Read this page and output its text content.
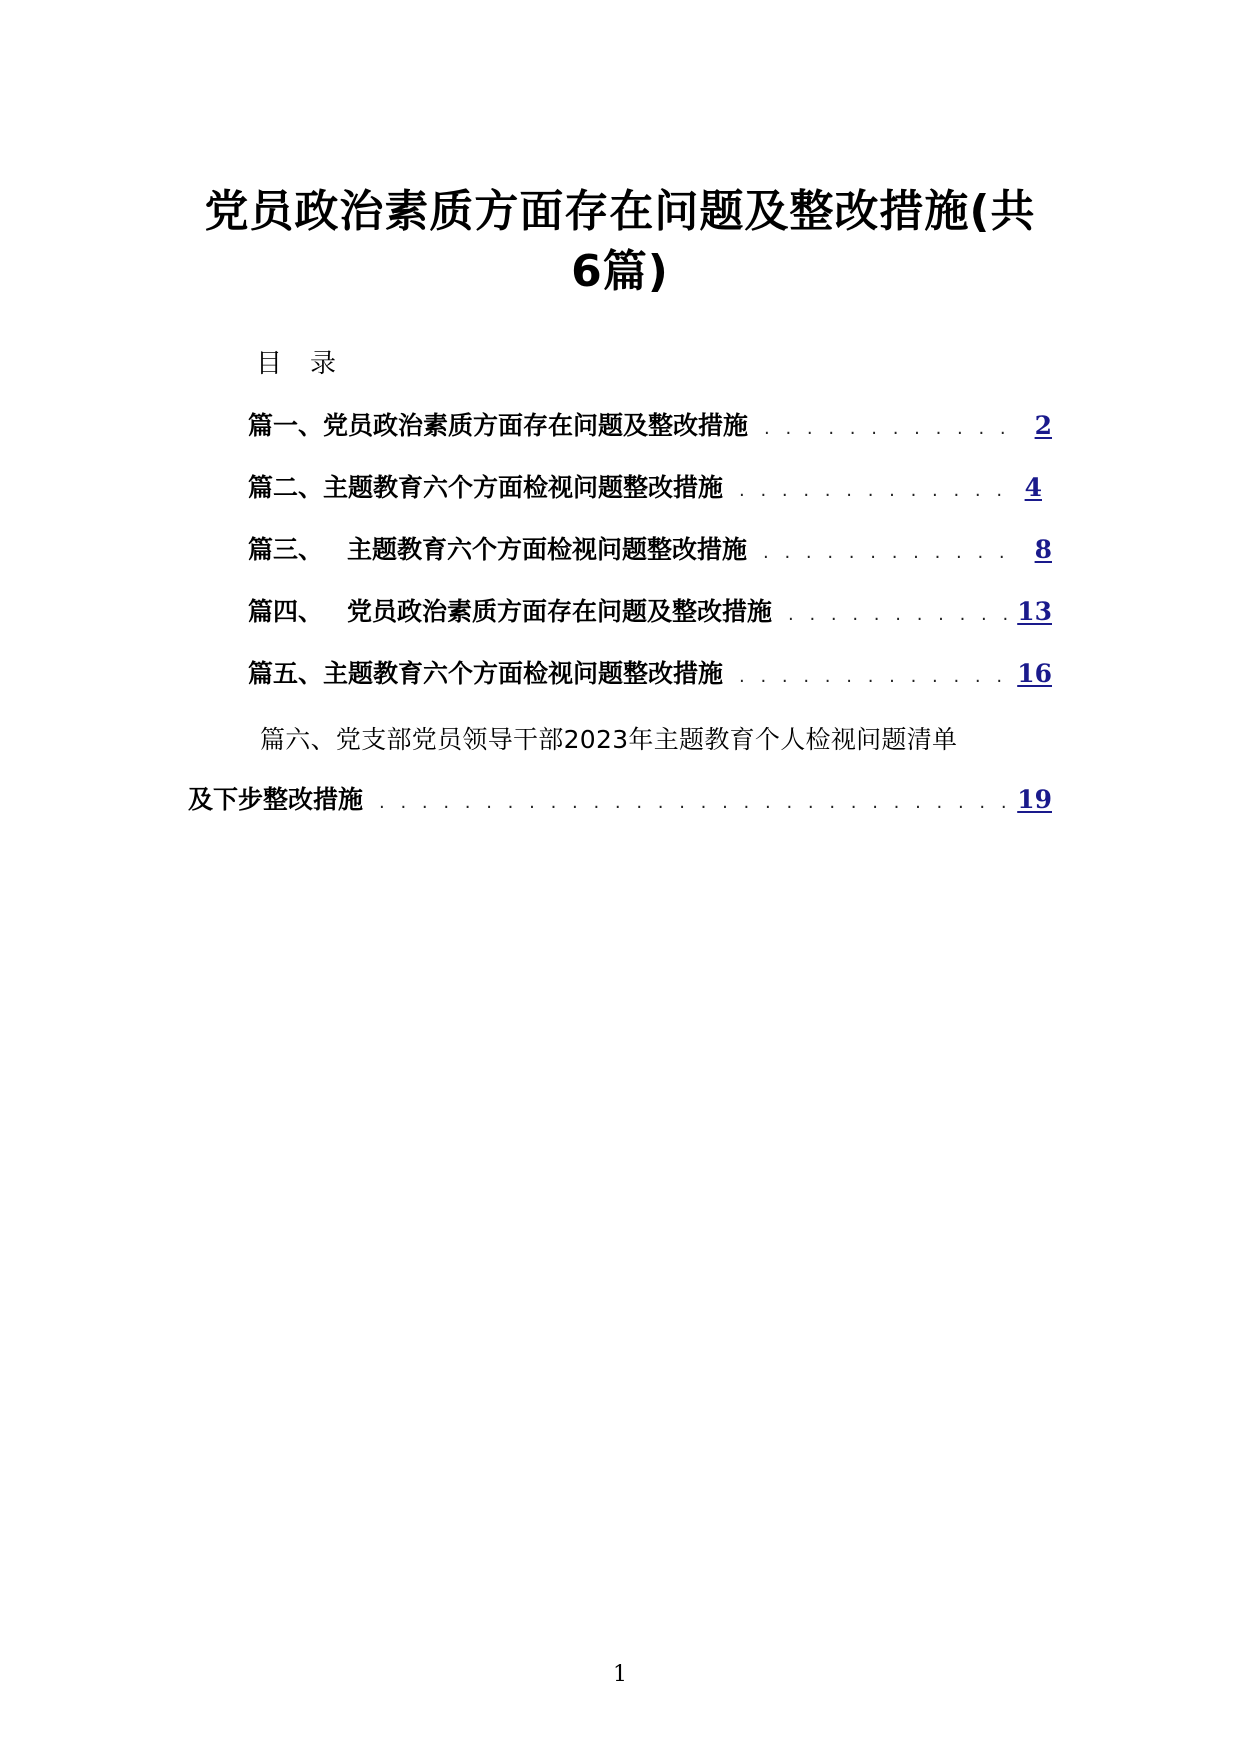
党员政治素质方面存在问题及整改措施(共
6篇)
目 录
篇一、党员政治素质方面存在问题及整改措施 . . .	2
篇二、主题教育六个方面检视问题整改措施 . . .	4
篇三、 主题教育六个方面检视问题整改措施 . . .	8
篇四、 党员政治素质方面存在问题及整改措施 . . .	13
篇五、主题教育六个方面检视问题整改措施 . . .	16
篇六、党支部党员领导干部2023年主题教育个人检视问题清单
及下步整改措施 . . .	19
1
